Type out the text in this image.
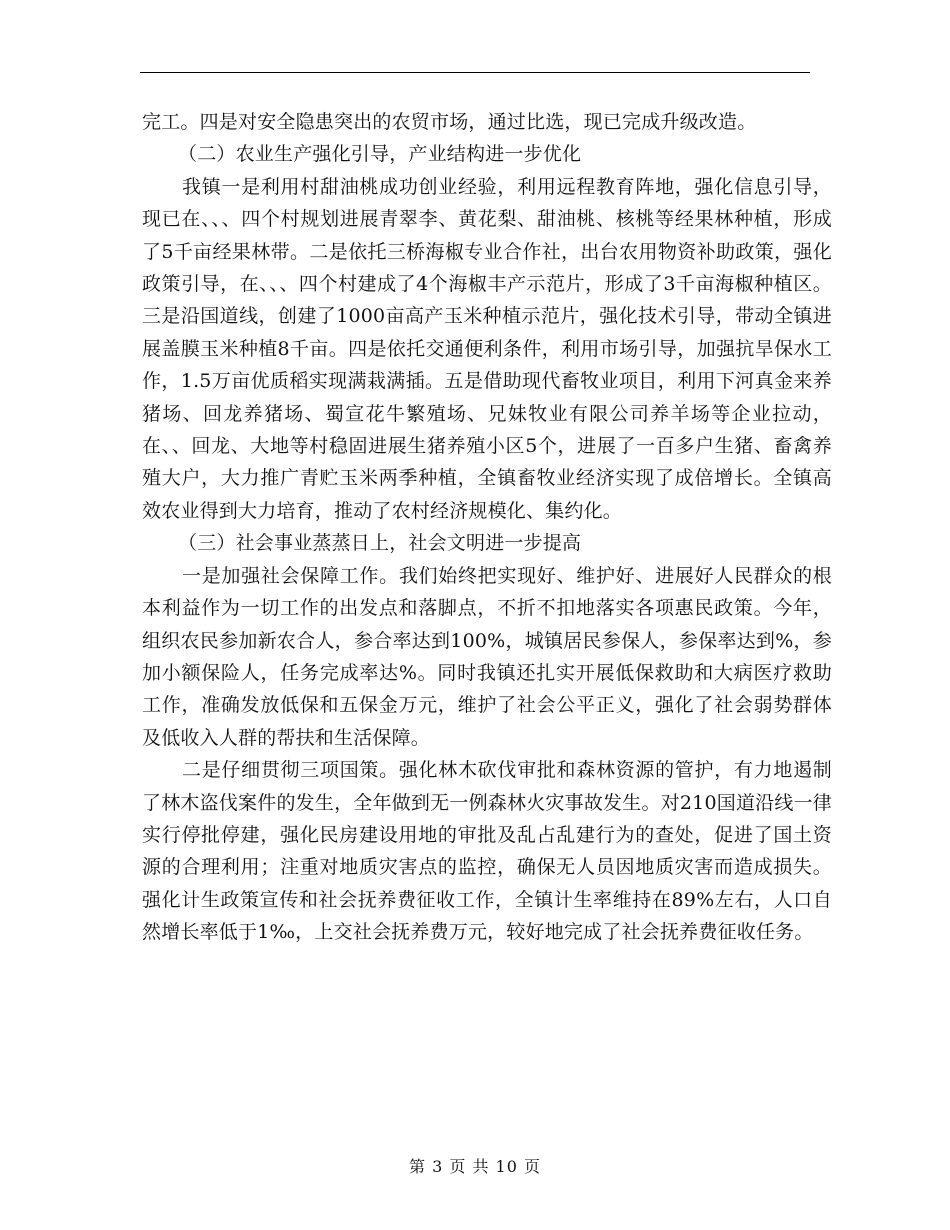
完工。四是对安全隐患突出的农贸市场，通过比选，现已完成升级改造。

（二）农业生产强化引导，产业结构进一步优化

我镇一是利用村甜油桃成功创业经验，利用远程教育阵地，强化信息引导，现已在、、、四个村规划进展青翠李、黄花梨、甜油桃、核桃等经果林种植，形成了5千亩经果林带。二是依托三桥海椒专业合作社，出台农用物资补助政策，强化政策引导，在、、、四个村建成了4个海椒丰产示范片，形成了3千亩海椒种植区。三是沿国道线，创建了1000亩高产玉米种植示范片，强化技术引导，带动全镇进展盖膜玉米种植8千亩。四是依托交通便利条件，利用市场引导，加强抗旱保水工作，1.5万亩优质稻实现满栽满插。五是借助现代畜牧业项目，利用下河真金来养猪场、回龙养猪场、蜀宣花牛繁殖场、兄妹牧业有限公司养羊场等企业拉动，在、、回龙、大地等村稳固进展生猪养殖小区5个，进展了一百多户生猪、畜禽养殖大户，大力推广青贮玉米两季种植，全镇畜牧业经济实现了成倍增长。全镇高效农业得到大力培育，推动了农村经济规模化、集约化。

（三）社会事业蒸蒸日上，社会文明进一步提高

一是加强社会保障工作。我们始终把实现好、维护好、进展好人民群众的根本利益作为一切工作的出发点和落脚点，不折不扣地落实各项惠民政策。今年，组织农民参加新农合人，参合率达到100%，城镇居民参保人，参保率达到%，参加小额保险人，任务完成率达%。同时我镇还扎实开展低保救助和大病医疗救助工作，准确发放低保和五保金万元，维护了社会公平正义，强化了社会弱势群体及低收入人群的帮扶和生活保障。

二是仔细贯彻三项国策。强化林木砍伐审批和森林资源的管护，有力地遏制了林木盗伐案件的发生，全年做到无一例森林火灾事故发生。对210国道沿线一律实行停批停建，强化民房建设用地的审批及乱占乱建行为的查处，促进了国土资源的合理利用；注重对地质灾害点的监控，确保无人员因地质灾害而造成损失。强化计生政策宣传和社会抚养费征收工作，全镇计生率维持在89%左右，人口自然增长率低于1‰，上交社会抚养费万元，较好地完成了社会抚养费征收任务。

第 3 页 共 10 页
